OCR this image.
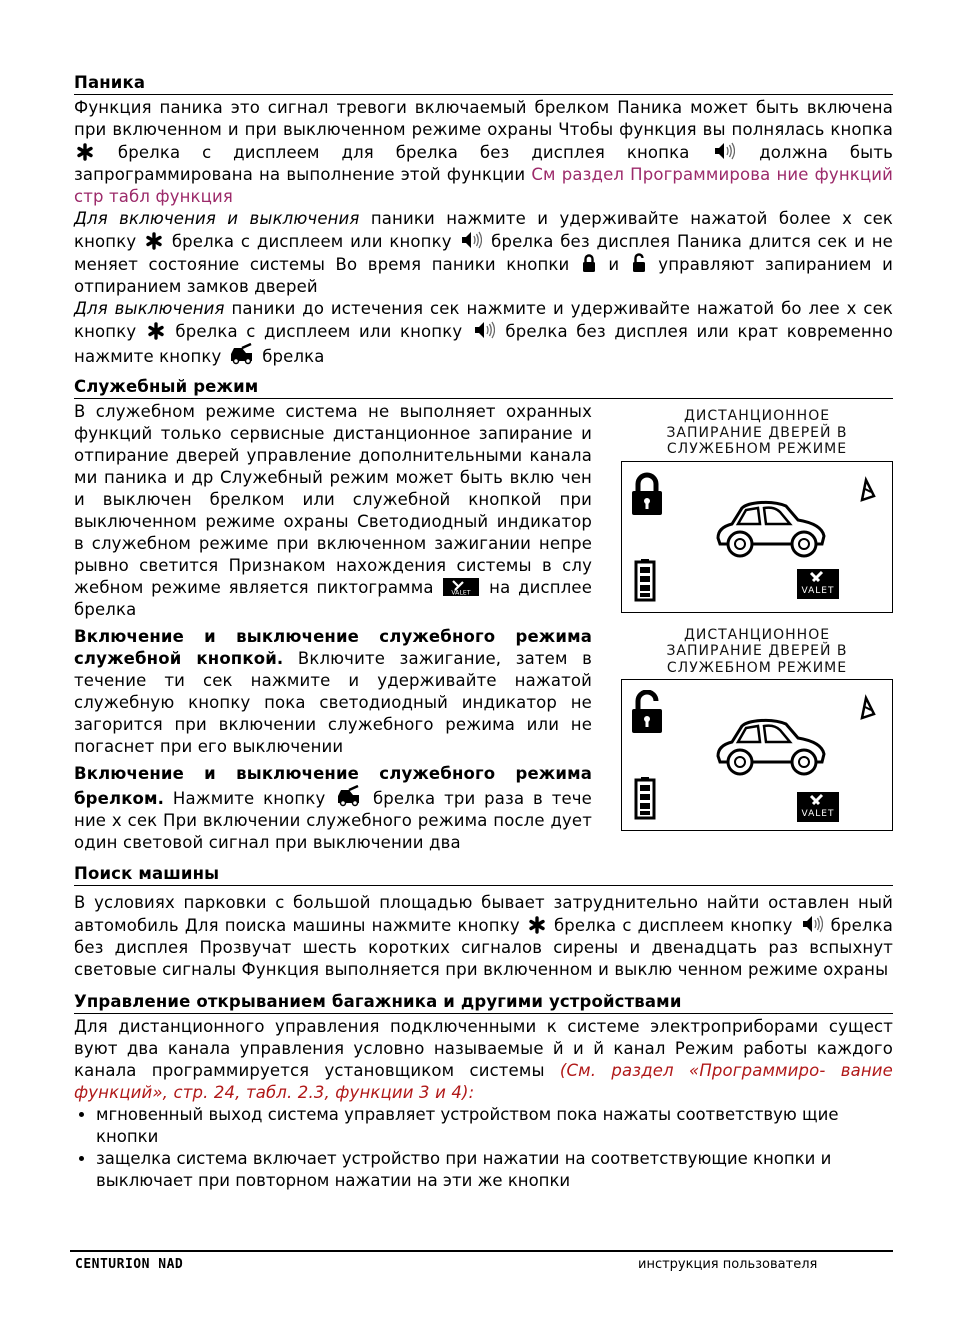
Паника

Функция паника это сигнал тревоги включаемый брелком Паника может быть включена при включенном и при выключенном режиме охраны Чтобы функция вы полнялась кнопка  брелка с дисплеем для брелка без дисплея кнопка	должна быть запрограммирована на выполнение этой функции См раздел Программирова ние функций стр табл функция

Для включения и выключения паники нажмите и удерживайте нажатой более х сек кнопку брелка с дисплеем или кнопку брелка без дисплея Паника длится сек и не меняет состояние системы Во время паники кнопки и управляют запиранием и отпиранием замков дверей

Для выключения паники до истечения сек нажмите и удерживайте нажатой бо лее х сек кнопку брелка с дисплеем или кнопку	брелка без дисплея или крат ковременно нажмите кнопку брелка

Служебный режим

В служебном режиме система не выполняет охранных функций только сервисные дистанционное запирание и отпирание дверей управление дополнительными канала ми паника и др Служебный режим может быть вклю чен и выключен брелком или служебной кнопкой при выключенном режиме охраны Светодиодный индикатор в служебном режиме при включенном зажигании непре рывно светится Признаком нахождения системы в слу жебном режиме является пиктограмма	VALET на дисплее брелка

Включение и выключение служебного режима служебной кнопкой. Включите зажигание, затем в течение ти сек нажмите и удерживайте нажатой служебную кнопку пока светодиодный индикатор не загорится при включении служебного режима или не погаснет при его выключении

Включение и выключение служебного режима брелком. Нажмите кнопку	брелка три раза в тече ние х сек При включении служебного режима после дует один световой сигнал при выключении два

ДИСТАНЦИОННОЕ
ЗАПИРАНИЕ ДВЕРЕЙ В
СЛУЖЕБНОМ РЕЖИМЕ
VALET
ДИСТАНЦИОННОЕ
ЗАПИРАНИЕ ДВЕРЕЙ В
СЛУЖЕБНОМ РЕЖИМЕ
VALET

Поиск машины

В условиях парковки с большой площадью бывает затруднительно найти оставлен ный автомобиль Для поиска машины нажмите кнопку брелка с дисплеем кнопку брелка без дисплея Прозвучат шесть коротких сигналов сирены и двенадцать раз вспыхнут световые сигналы Функция выполняется при включенном и выклю ченном режиме охраны

Управление открыванием багажника и другими устройствами

Для дистанционного управления подключенными к системе электроприборами сущест вуют два канала управления условно называемые й и й канал Режим работы каждого канала программируется установщиком системы (См. раздел «Программиро- вание функций», стр. 24, табл. 2.3, функции 3 и 4):

• мгновенный выход система управляет устройством пока нажаты соответствую щие кнопки
• защелка система включает устройство при нажатии на соответствующие кнопки и выключает при повторном нажатии на эти же кнопки
CENTURION NAD	инструкция пользователя
